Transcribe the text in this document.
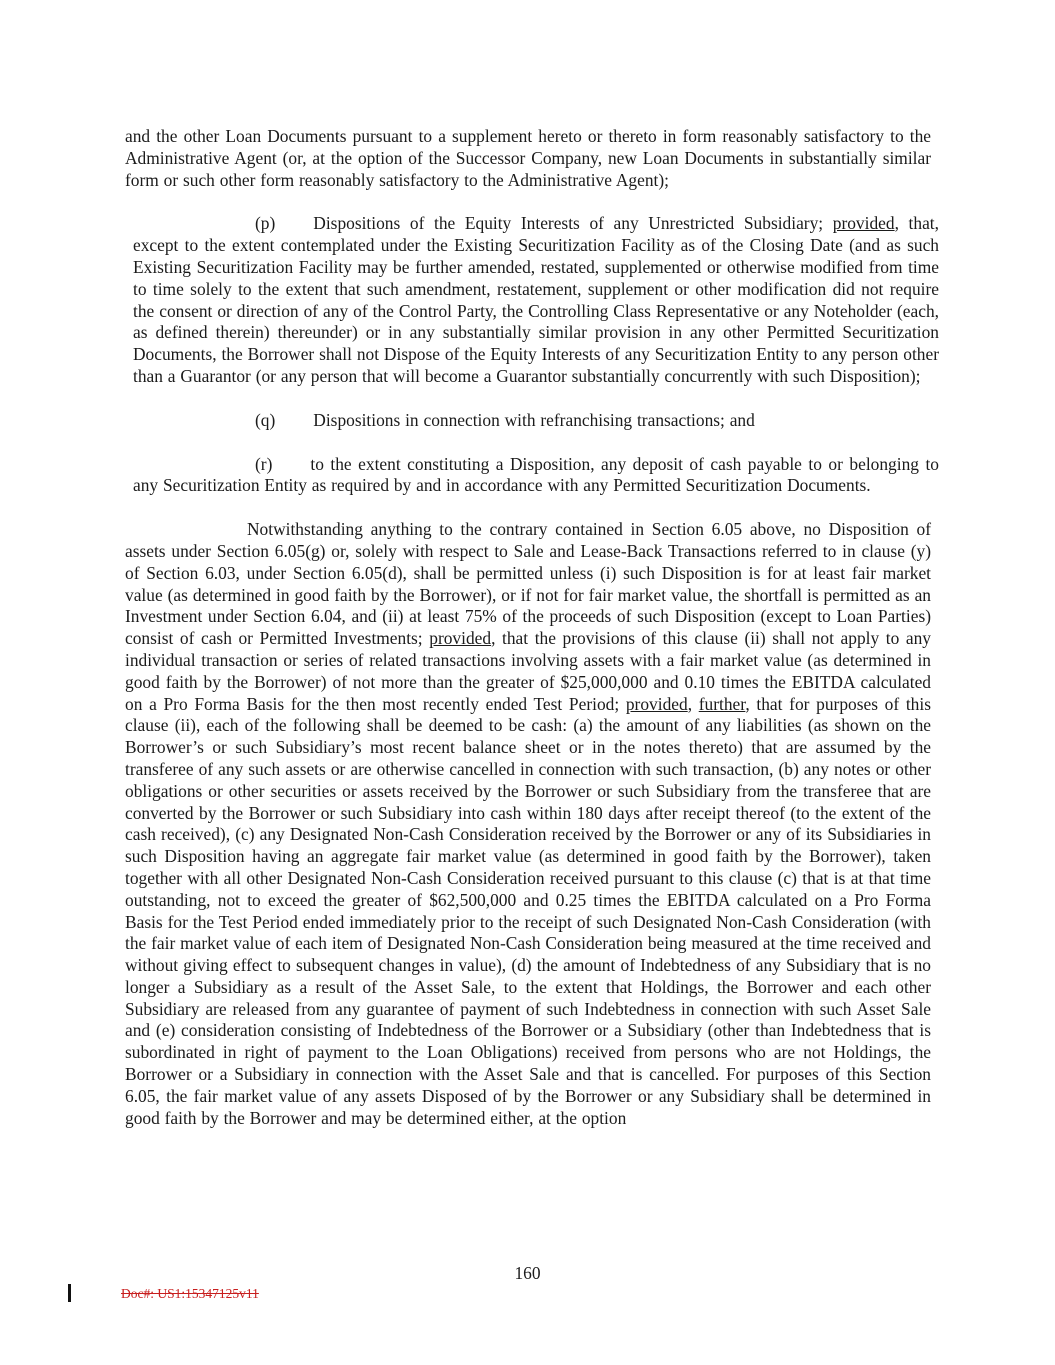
and the other Loan Documents pursuant to a supplement hereto or thereto in form reasonably satisfactory to the Administrative Agent (or, at the option of the Successor Company, new Loan Documents in substantially similar form or such other form reasonably satisfactory to the Administrative Agent);

(p) Dispositions of the Equity Interests of any Unrestricted Subsidiary; provided, that, except to the extent contemplated under the Existing Securitization Facility as of the Closing Date (and as such Existing Securitization Facility may be further amended, restated, supplemented or otherwise modified from time to time solely to the extent that such amendment, restatement, supplement or other modification did not require the consent or direction of any of the Control Party, the Controlling Class Representative or any Noteholder (each, as defined therein) thereunder) or in any substantially similar provision in any other Permitted Securitization Documents, the Borrower shall not Dispose of the Equity Interests of any Securitization Entity to any person other than a Guarantor (or any person that will become a Guarantor substantially concurrently with such Disposition);

(q) Dispositions in connection with refranchising transactions; and

(r) to the extent constituting a Disposition, any deposit of cash payable to or belonging to any Securitization Entity as required by and in accordance with any Permitted Securitization Documents.

Notwithstanding anything to the contrary contained in Section 6.05 above, no Disposition of assets under Section 6.05(g) or, solely with respect to Sale and Lease-Back Transactions referred to in clause (y) of Section 6.03, under Section 6.05(d), shall be permitted unless (i) such Disposition is for at least fair market value (as determined in good faith by the Borrower), or if not for fair market value, the shortfall is permitted as an Investment under Section 6.04, and (ii) at least 75% of the proceeds of such Disposition (except to Loan Parties) consist of cash or Permitted Investments; provided, that the provisions of this clause (ii) shall not apply to any individual transaction or series of related transactions involving assets with a fair market value (as determined in good faith by the Borrower) of not more than the greater of $25,000,000 and 0.10 times the EBITDA calculated on a Pro Forma Basis for the then most recently ended Test Period; provided, further, that for purposes of this clause (ii), each of the following shall be deemed to be cash: (a) the amount of any liabilities (as shown on the Borrower’s or such Subsidiary’s most recent balance sheet or in the notes thereto) that are assumed by the transferee of any such assets or are otherwise cancelled in connection with such transaction, (b) any notes or other obligations or other securities or assets received by the Borrower or such Subsidiary from the transferee that are converted by the Borrower or such Subsidiary into cash within 180 days after receipt thereof (to the extent of the cash received), (c) any Designated Non-Cash Consideration received by the Borrower or any of its Subsidiaries in such Disposition having an aggregate fair market value (as determined in good faith by the Borrower), taken together with all other Designated Non-Cash Consideration received pursuant to this clause (c) that is at that time outstanding, not to exceed the greater of $62,500,000 and 0.25 times the EBITDA calculated on a Pro Forma Basis for the Test Period ended immediately prior to the receipt of such Designated Non-Cash Consideration (with the fair market value of each item of Designated Non-Cash Consideration being measured at the time received and without giving effect to subsequent changes in value), (d) the amount of Indebtedness of any Subsidiary that is no longer a Subsidiary as a result of the Asset Sale, to the extent that Holdings, the Borrower and each other Subsidiary are released from any guarantee of payment of such Indebtedness in connection with such Asset Sale and (e) consideration consisting of Indebtedness of the Borrower or a Subsidiary (other than Indebtedness that is subordinated in right of payment to the Loan Obligations) received from persons who are not Holdings, the Borrower or a Subsidiary in connection with the Asset Sale and that is cancelled. For purposes of this Section 6.05, the fair market value of any assets Disposed of by the Borrower or any Subsidiary shall be determined in good faith by the Borrower and may be determined either, at the option

160
Doc#: US1:15347125v11
